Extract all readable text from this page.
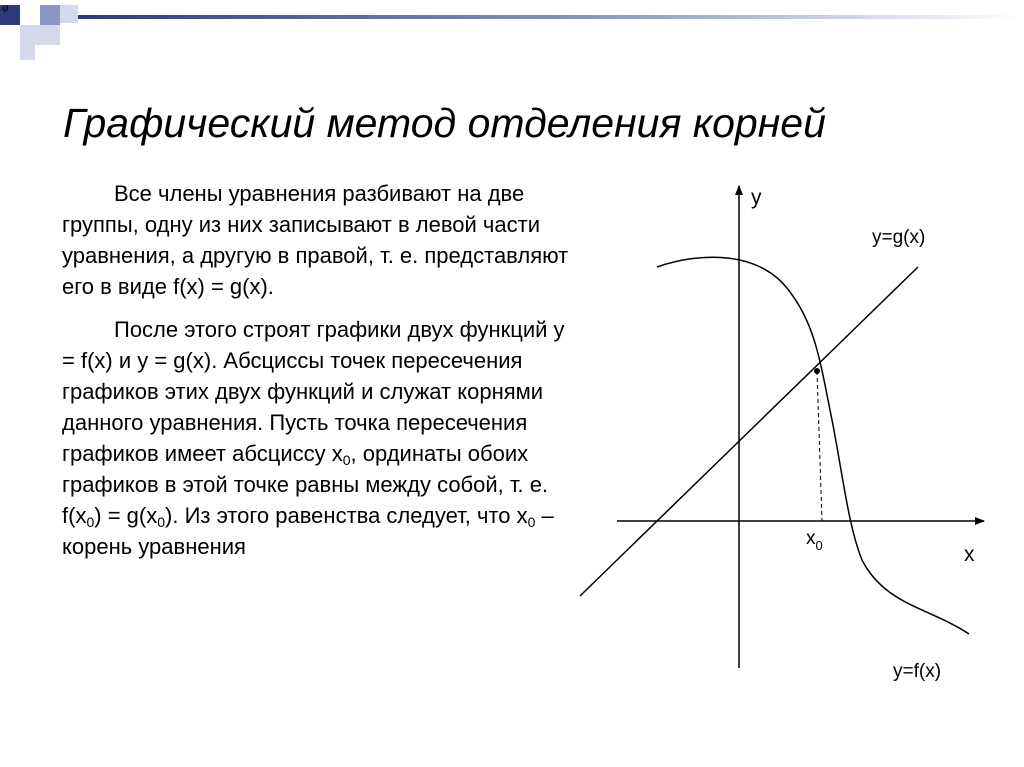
φ
Графический метод отделения корней

Все члены уравнения разбивают на две группы, одну из них записывают в левой части уравнения, а другую в правой, т. е. представляют его в виде f(x) = g(x).

После этого строят графики двух функций y = f(x) и y = g(x). Абсциссы точек пересечения графиков этих двух функций и служат корнями данного уравнения. Пусть точка пересечения графиков имеет абсциссу $x_0$, ординаты обоих графиков в этой точке равны между собой, т. е. $f(x_0) = g(x_0)$. Из этого равенства следует, что $x_0$ – корень уравнения

y
x
y=g(x)
y=f(x)
$x_0$
